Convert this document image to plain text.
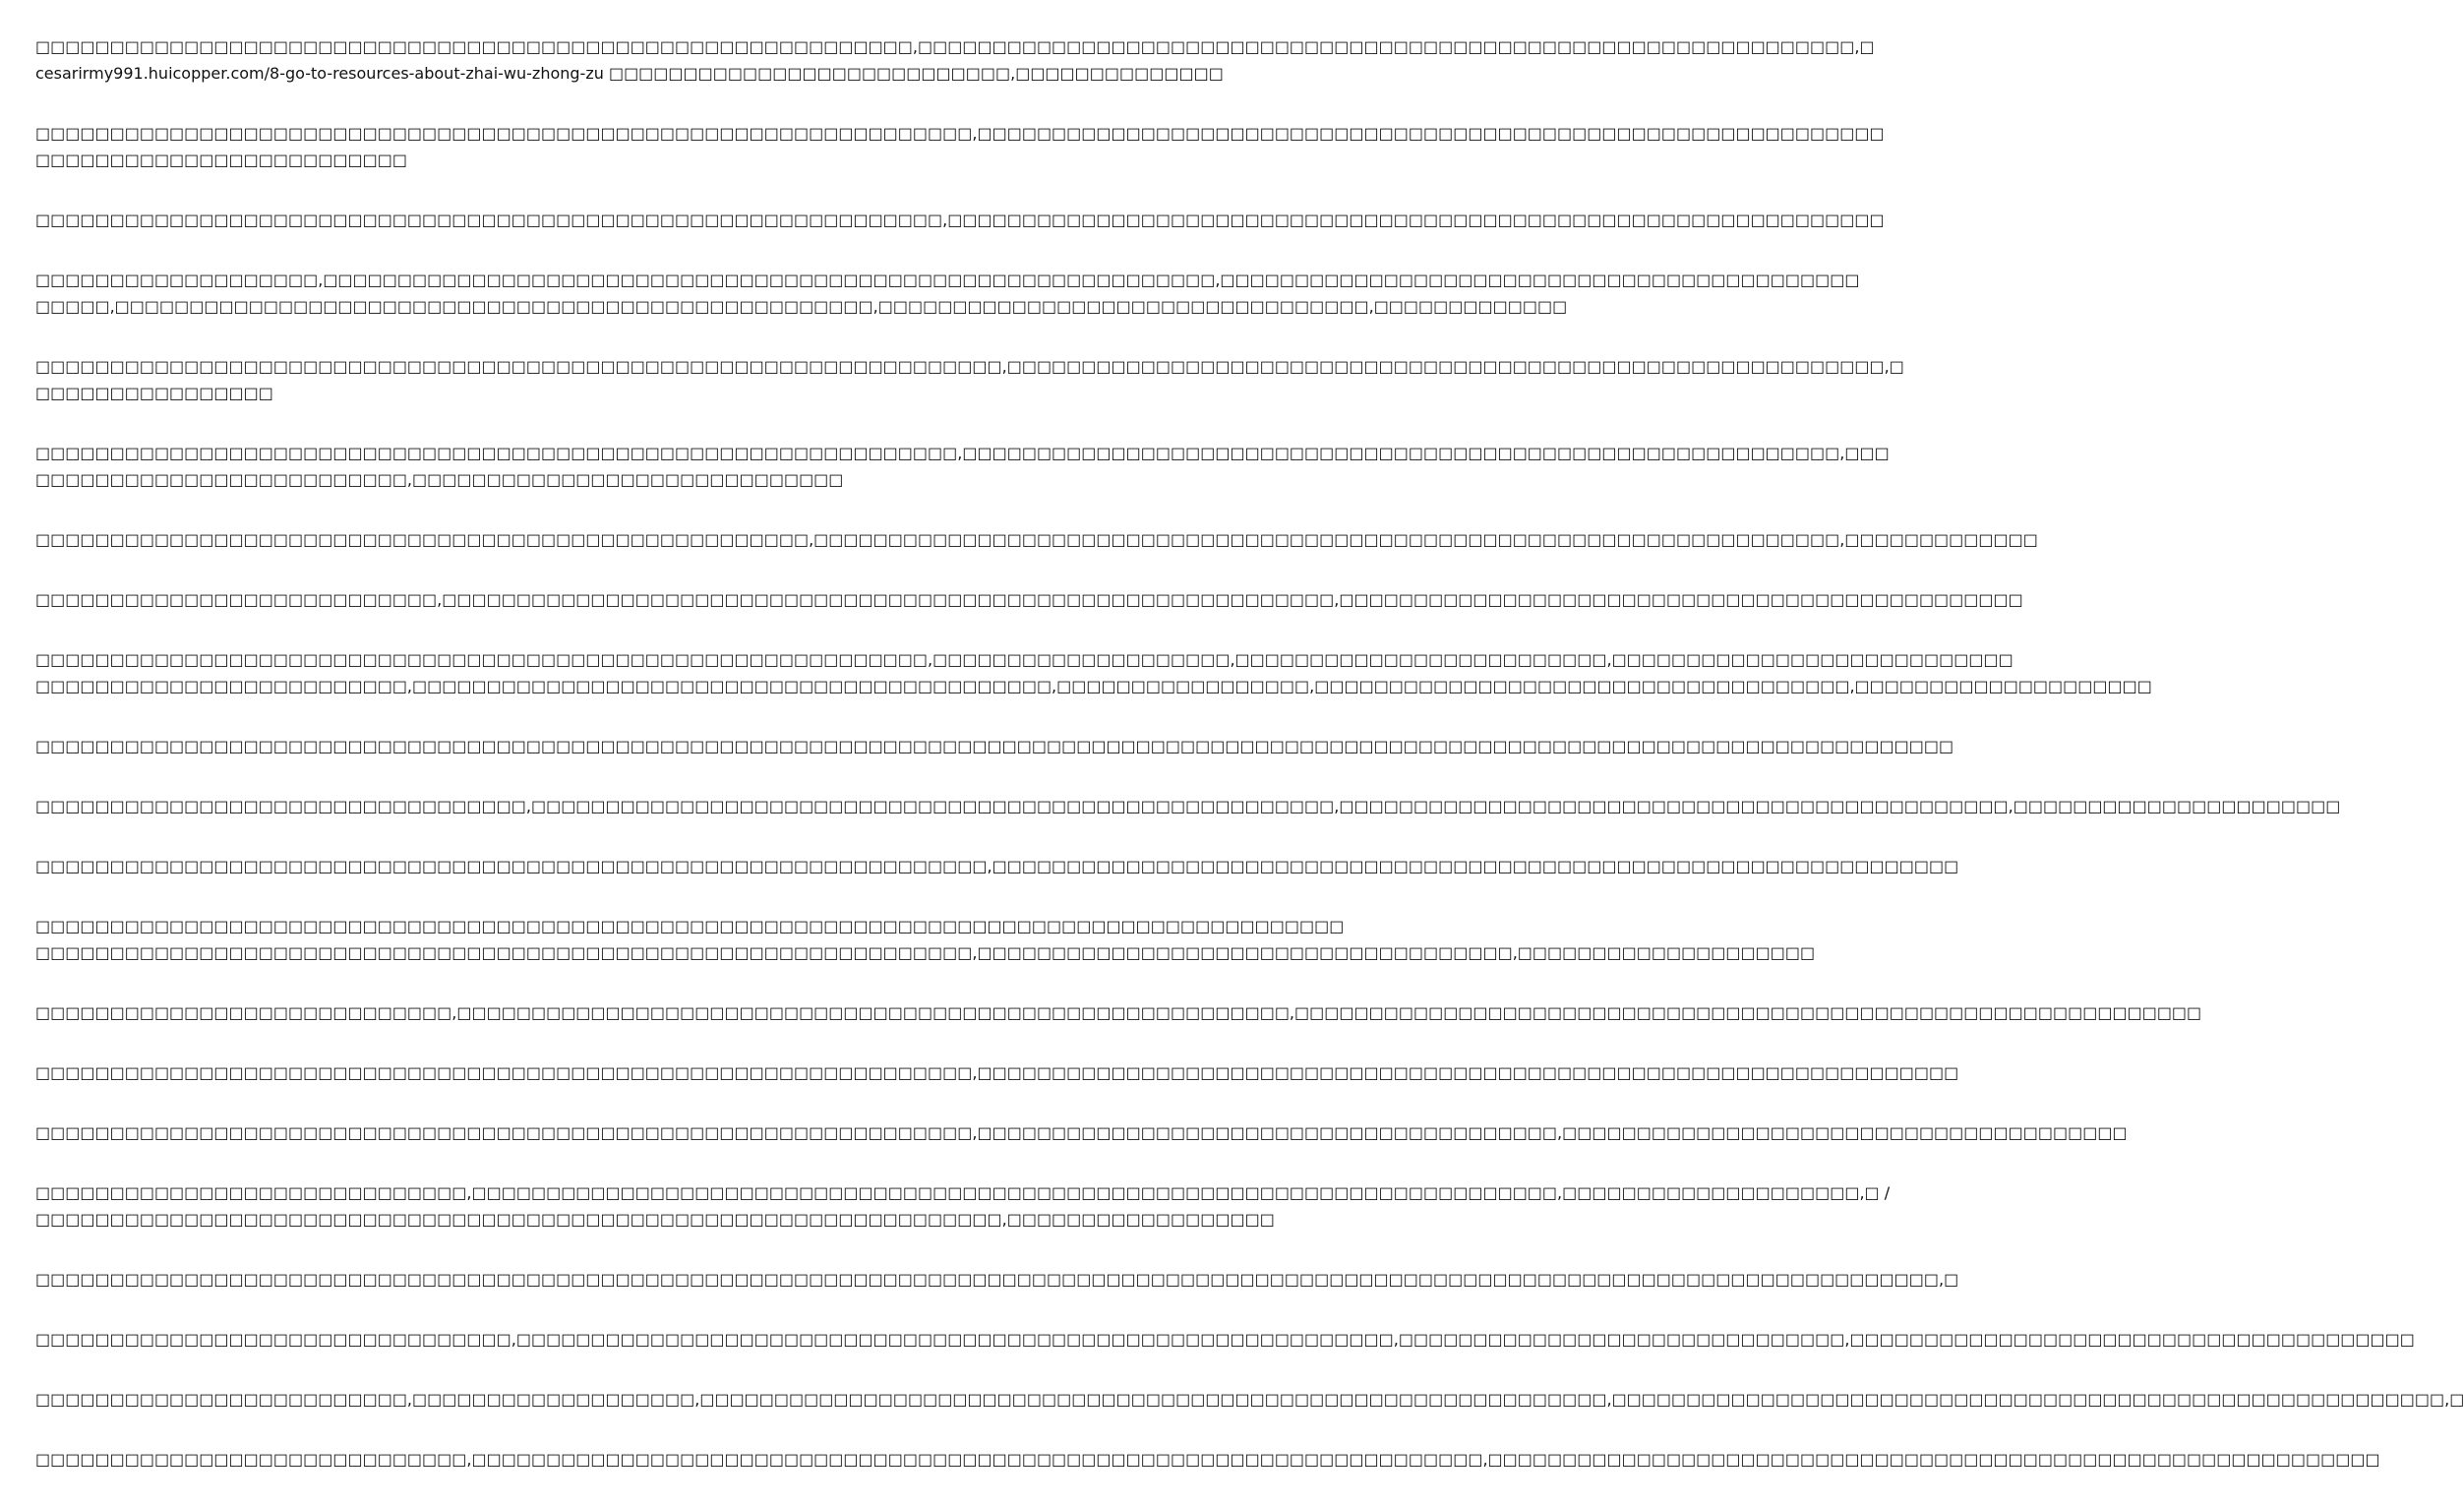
□□□□□□□□□□□□□□□□□□□□□□□□□□□□□□□□□□□□□□□□□□□□□□□□□□□□□□□□□□□,□□□□□□□□□□□□□□□□□□□□□□□□□□□□□□□□□□□□□□□□□□□□□□□□□□□□□□□□□□□□□□□,□
cesarirmy991.huicopper.com/8-go-to-resources-about-zhai-wu-zhong-zu □□□□□□□□□□□□□□□□□□□□□□□□□□□,□□□□□□□□□□□□□□

□□□□□□□□□□□□□□□□□□□□□□□□□□□□□□□□□□□□□□□□□□□□□□□□□□□□□□□□□□□□□□□,□□□□□□□□□□□□□□□□□□□□□□□□□□□□□□□□□□□□□□□□□□□□□□□□□□□□□□□□□□□□□
□□□□□□□□□□□□□□□□□□□□□□□□□

□□□□□□□□□□□□□□□□□□□□□□□□□□□□□□□□□□□□□□□□□□□□□□□□□□□□□□□□□□□□□,□□□□□□□□□□□□□□□□□□□□□□□□□□□□□□□□□□□□□□□□□□□□□□□□□□□□□□□□□□□□□□□

□□□□□□□□□□□□□□□□□□□,□□□□□□□□□□□□□□□□□□□□□□□□□□□□□□□□□□□□□□□□□□□□□□□□□□□□□□□□□□□□,□□□□□□□□□□□□□□□□□□□□□□□□□□□□□□□□□□□□□□□□□□□
□□□□□,□□□□□□□□□□□□□□□□□□□□□□□□□□□□□□□□□□□□□□□□□□□□□□□□□□□,□□□□□□□□□□□□□□□□□□□□□□□□□□□□□□□□□,□□□□□□□□□□□□□

□□□□□□□□□□□□□□□□□□□□□□□□□□□□□□□□□□□□□□□□□□□□□□□□□□□□□□□□□□□□□□□□□,□□□□□□□□□□□□□□□□□□□□□□□□□□□□□□□□□□□□□□□□□□□□□□□□□□□□□□□□□□□,□
□□□□□□□□□□□□□□□□

□□□□□□□□□□□□□□□□□□□□□□□□□□□□□□□□□□□□□□□□□□□□□□□□□□□□□□□□□□□□□□,□□□□□□□□□□□□□□□□□□□□□□□□□□□□□□□□□□□□□□□□□□□□□□□□□□□□□□□□□□□,□□□
□□□□□□□□□□□□□□□□□□□□□□□□□,□□□□□□□□□□□□□□□□□□□□□□□□□□□□□

□□□□□□□□□□□□□□□□□□□□□□□□□□□□□□□□□□□□□□□□□□□□□□□□□□□□,□□□□□□□□□□□□□□□□□□□□□□□□□□□□□□□□□□□□□□□□□□□□□□□□□□□□□□□□□□□□□□□□□□□□□,□□□□□□□□□□□□□

□□□□□□□□□□□□□□□□□□□□□□□□□□□,□□□□□□□□□□□□□□□□□□□□□□□□□□□□□□□□□□□□□□□□□□□□□□□□□□□□□□□□□□□□,□□□□□□□□□□□□□□□□□□□□□□□□□□□□□□□□□□□□□□□□□□□□□□

□□□□□□□□□□□□□□□□□□□□□□□□□□□□□□□□□□□□□□□□□□□□□□□□□□□□□□□□□□□□,□□□□□□□□□□□□□□□□□□□□,□□□□□□□□□□□□□□□□□□□□□□□□□,□□□□□□□□□□□□□□□□□□□□□□□□□□□
□□□□□□□□□□□□□□□□□□□□□□□□□,□□□□□□□□□□□□□□□□□□□□□□□□□□□□□□□□□□□□□□□□□□□,□□□□□□□□□□□□□□□□□,□□□□□□□□□□□□□□□□□□□□□□□□□□□□□□□□□□□□,□□□□□□□□□□□□□□□□□□□□

□□□□□□□□□□□□□□□□□□□□□□□□□□□□□□□□□□□□□□□□□□□□□□□□□□□□□□□□□□□□□□□□□□□□□□□□□□□□□□□□□□□□□□□□□□□□□□□□□□□□□□□□□□□□□□□□□□□□□□□□□□□□□□□□□

□□□□□□□□□□□□□□□□□□□□□□□□□□□□□□□□□,□□□□□□□□□□□□□□□□□□□□□□□□□□□□□□□□□□□□□□□□□□□□□□□□□□□□□□,□□□□□□□□□□□□□□□□□□□□□□□□□□□□□□□□□□□□□□□□□□□□□,□□□□□□□□□□□□□□□□□□□□□□

□□□□□□□□□□□□□□□□□□□□□□□□□□□□□□□□□□□□□□□□□□□□□□□□□□□□□□□□□□□□□□□□,□□□□□□□□□□□□□□□□□□□□□□□□□□□□□□□□□□□□□□□□□□□□□□□□□□□□□□□□□□□□□□□□□

□□□□□□□□□□□□□□□□□□□□□□□□□□□□□□□□□□□□□□□□□□□□□□□□□□□□□□□□□□□□□□□□□□□□□□□□□□□□□□□□□□□□□□□□
□□□□□□□□□□□□□□□□□□□□□□□□□□□□□□□□□□□□□□□□□□□□□□□□□□□□□□□□□□□□□□□,□□□□□□□□□□□□□□□□□□□□□□□□□□□□□□□□□□□□,□□□□□□□□□□□□□□□□□□□□

□□□□□□□□□□□□□□□□□□□□□□□□□□□□,□□□□□□□□□□□□□□□□□□□□□□□□□□□□□□□□□□□□□□□□□□□□□□□□□□□□□□□□,□□□□□□□□□□□□□□□□□□□□□□□□□□□□□□□□□□□□□□□□□□□□□□□□□□□□□□□□□□□□□

□□□□□□□□□□□□□□□□□□□□□□□□□□□□□□□□□□□□□□□□□□□□□□□□□□□□□□□□□□□□□□□,□□□□□□□□□□□□□□□□□□□□□□□□□□□□□□□□□□□□□□□□□□□□□□□□□□□□□□□□□□□□□□□□□□

□□□□□□□□□□□□□□□□□□□□□□□□□□□□□□□□□□□□□□□□□□□□□□□□□□□□□□□□□□□□□□□,□□□□□□□□□□□□□□□□□□□□□□□□□□□□□□□□□□□□□□□,□□□□□□□□□□□□□□□□□□□□□□□□□□□□□□□□□□□□□□

□□□□□□□□□□□□□□□□□□□□□□□□□□□□□,□□□□□□□□□□□□□□□□□□□□□□□□□□□□□□□□□□□□□□□□□□□□□□□□□□□□□□□□□□□□□□□□□□□□□□□□□,□□□□□□□□□□□□□□□□□□□□,□ /
□□□□□□□□□□□□□□□□□□□□□□□□□□□□□□□□□□□□□□□□□□□□□□□□□□□□□□□□□□□□□□□□□,□□□□□□□□□□□□□□□□□□

□□□□□□□□□□□□□□□□□□□□□□□□□□□□□□□□□□□□□□□□□□□□□□□□□□□□□□□□□□□□□□□□□□□□□□□□□□□□□□□□□□□□□□□□□□□□□□□□□□□□□□□□□□□□□□□□□□□□□□□□□□□□□□□□,□

□□□□□□□□□□□□□□□□□□□□□□□□□□□□□□□□,□□□□□□□□□□□□□□□□□□□□□□□□□□□□□□□□□□□□□□□□□□□□□□□□□□□□□□□□□□□,□□□□□□□□□□□□□□□□□□□□□□□□□□□□□□,□□□□□□□□□□□□□□□□□□□□□□□□□□□□□□□□□□□□□□

□□□□□□□□□□□□□□□□□□□□□□□□□,□□□□□□□□□□□□□□□□□□□,□□□□□□□□□□□□□□□□□□□□□□□□□□□□□□□□□□□□□□□□□□□□□□□□□□□□□□□□□□□□□,□□□□□□□□□□□□□□□□□□□□□□□□□□□□□□□□□□□□□□□□□□□□□□□□□□□□□□□□,□

□□□□□□□□□□□□□□□□□□□□□□□□□□□□□,□□□□□□□□□□□□□□□□□□□□□□□□□□□□□□□□□□□□□□□□□□□□□□□□□□□□□□□□□□□□□□□□□□□□,□□□□□□□□□□□□□□□□□□□□□□□□□□□□□□□□□□□□□□□□□□□□□□□□□□□□□□□□□□□□
